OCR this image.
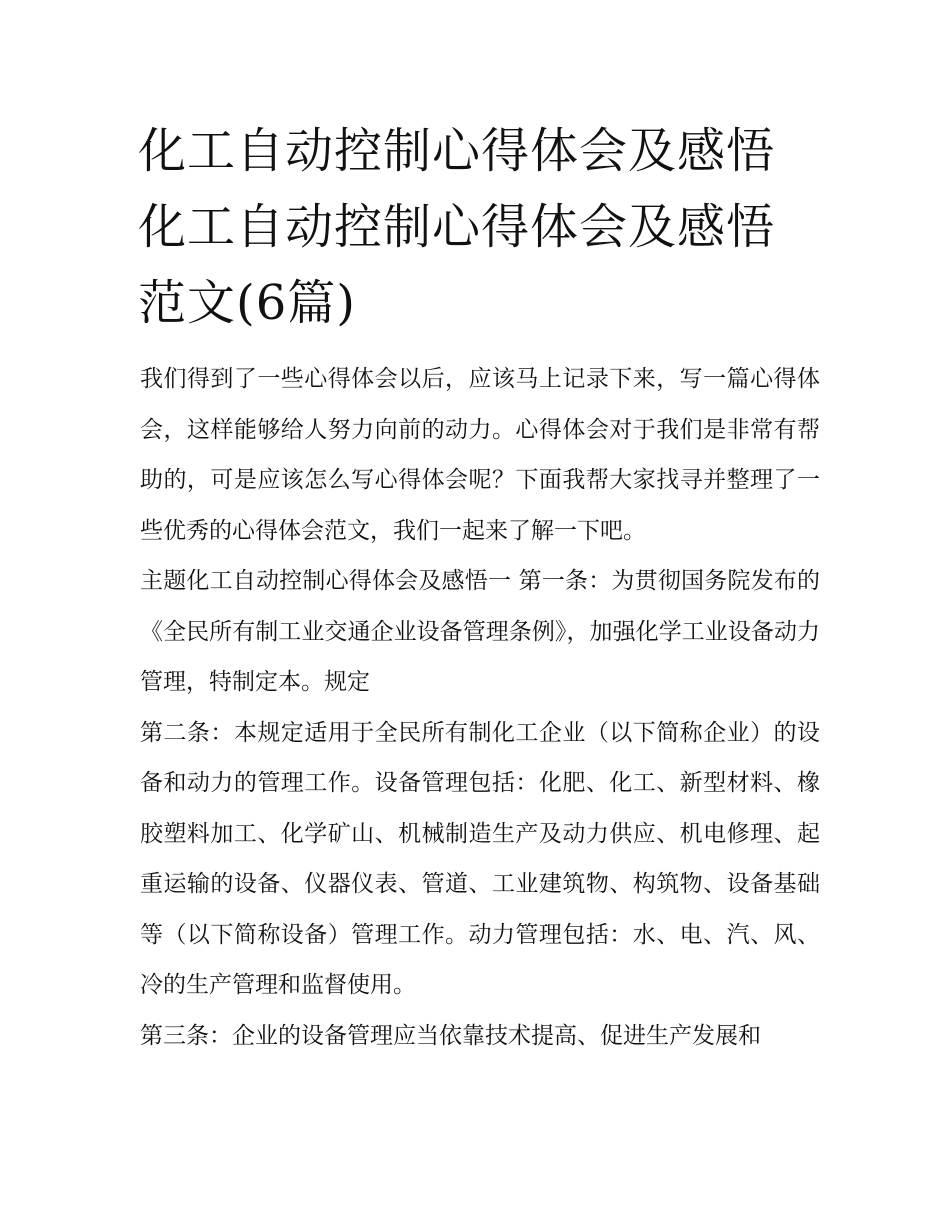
化工自动控制心得体会及感悟
化工自动控制心得体会及感悟
范文(6篇)

我们得到了一些心得体会以后，应该马上记录下来，写一篇心得体会，这样能够给人努力向前的动力。心得体会对于我们是非常有帮助的，可是应该怎么写心得体会呢？下面我帮大家找寻并整理了一些优秀的心得体会范文，我们一起来了解一下吧。

主题化工自动控制心得体会及感悟一 第一条：为贯彻国务院发布的《全民所有制工业交通企业设备管理条例》，加强化学工业设备动力管理，特制定本。规定

第二条：本规定适用于全民所有制化工企业（以下简称企业）的设备和动力的管理工作。设备管理包括：化肥、化工、新型材料、橡胶塑料加工、化学矿山、机械制造生产及动力供应、机电修理、起重运输的设备、仪器仪表、管道、工业建筑物、构筑物、设备基础等（以下简称设备）管理工作。动力管理包括：水、电、汽、风、冷的生产管理和监督使用。

第三条：企业的设备管理应当依靠技术提高、促进生产发展和
